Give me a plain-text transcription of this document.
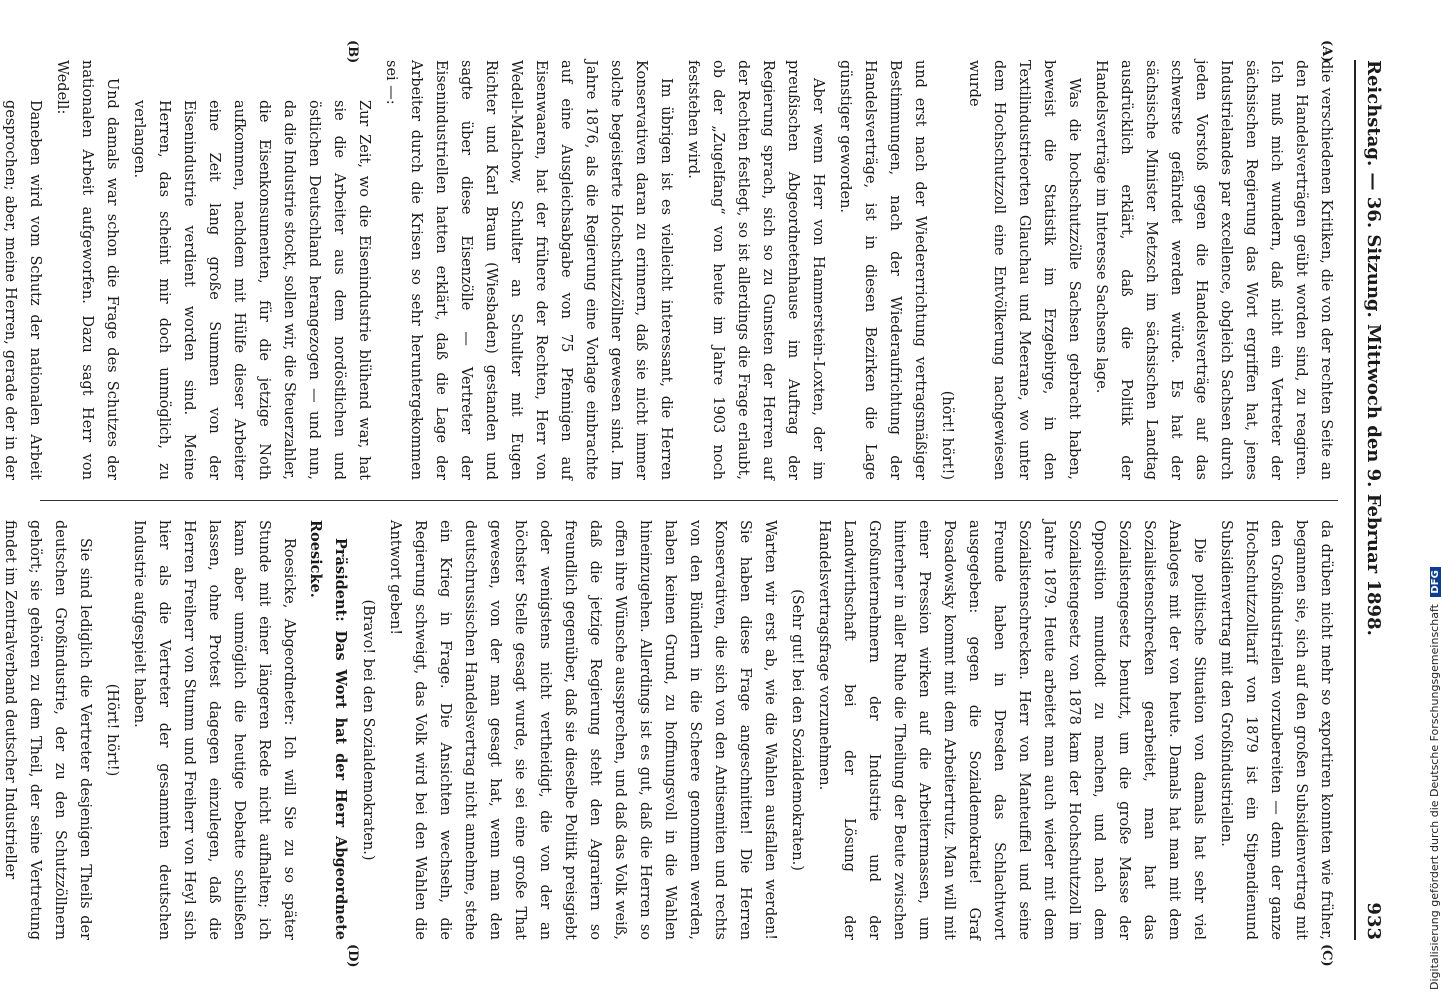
Reichstag. — 36. Sitzung. Mittwoch den 9. Februar 1898.
933
(A)
(B)
(C)
(D)

die verschiedenen Kritiken, die von der rechten Seite an den Handelsverträgen geübt worden sind, zu reagiren. Ich muß mich wundern, daß nicht ein Vertreter der sächsischen Regierung das Wort ergriffen hat, jenes Industrielandes par excellence, obgleich Sachsen durch jeden Vorstoß gegen die Handelsverträge auf das schwerste gefährdet werden würde. Es hat der sächsische Minister Metzsch im sächsischen Landtag ausdrücklich erklärt, daß die Politik der Handelsverträge im Interesse Sachsens lage.

Was die hochschutzzölle Sachsen gebracht haben, beweist die Statistik im Erzgebirge, in den Textilindustrieorten Glauchau und Meerane, wo unter dem Hochschutzzoll eine Entvölkerung nachgewiesen wurde

(hört! hört!)

und erst nach der Wiedererrichtung vertragsmäßiger Bestimmungen, nach der Wiederaufrichtung der Handelsverträge, ist in diesen Bezirken die Lage günstiger geworden.

Aber wenn Herr von Hammerstein-Loxten, der im preußischen Abgeordnetenhause im Auftrag der Regierung sprach, sich so zu Gunsten der Herren auf der Rechten festlegt, so ist allerdings die Frage erlaubt, ob der „Zugelfang“ von heute im Jahre 1903 noch feststehen wird.

Im übrigen ist es vielleicht interessant, die Herren Konservativen daran zu erinnern, daß sie nicht immer solche begeisterte Hochschutzzöllner gewesen sind. Im Jahre 1876, als die Regierung eine Vorlage einbrachte auf eine Ausgleichsabgabe von 75 Pfennigen auf Eisenwaaren, hat der frühere der Rechten, Herr von Wedell-Malchow, Schulter an Schulter mit Eugen Richter und Karl Braun (Wiesbaden) gestanden und sagte über diese Eisenzölle — Vertreter der Eisenindustriellen hatten erklärt, daß die Lage der Arbeiter durch die Krisen so sehr heruntergekommen sei —:

Zur Zeit, wo die Eisenindustrie blühend war, hat sie die Arbeiter aus dem nordöstlichen und östlichen Deutschland herangezogen — und nun, da die Industrie stockt, sollen wir, die Steuerzahler, die Eisenkonsumenten, für die jetzige Noth aufkommen, nachdem mit Hülfe dieser Arbeiter eine Zeit lang große Summen von der Eisenindustrie verdient worden sind. Meine Herren, das scheint mir doch unmöglich, zu verlangen.

Und damals war schon die Frage des Schutzes der nationalen Arbeit aufgeworfen. Dazu sagt Herr von Wedell:

Daneben wird vom Schutz der nationalen Arbeit gesprochen; aber, meine Herren, gerade der in der

da drüben nicht mehr so exportiren konnten wie früher, begannen sie, sich auf den großen Subsidienvertrag mit den Großindustriellen vorzubereiten — denn der ganze Hochschutzzolltarif von 1879 ist ein Stipendienund Subsidienvertrag mit den Großindustriellen.

Die politische Situation von damals hat sehr viel Analoges mit der von heute. Damals hat man mit dem Sozialistenschrecken gearbeitet, man hat das Sozialistengesetz benutzt, um die große Masse der Opposition mundtodt zu machen, und nach dem Sozialistengesetz von 1878 kam der Hochschutzzoll im Jahre 1879. Heute arbeitet man auch wieder mit dem Sozialistenschrecken. Herr von Manteuffel und seine Freunde haben in Dresden das Schlachtwort ausgegeben: gegen die Sozialdemokratie! Graf Posadowsky kommt mit dem Arbeitertrutz. Man will mit einer Pression wirken auf die Arbeitermassen, um hinterher in aller Ruhe die Theilung der Beute zwischen Großunternehmern der Industrie und der Landwirthschaft bei der Lösung der Handelsvertragsfrage vorzunehmen.

(Sehr gut! bei den Sozialdemokraten.)

Warten wir erst ab, wie die Wahlen ausfallen werden! Sie haben diese Frage angeschnitten! Die Herren Konservativen, die sich von den Antisemiten und rechts von den Bündlern in die Scheere genommen werden, haben keinen Grund, zu hoffnungsvoll in die Wahlen hineinzugehen. Allerdings ist es gut, daß die Herren so offen ihre Wünsche aussprechen, und daß das Volk weiß, daß die jetzige Regierung steht den Agrariern so freundlich gegenüber, daß sie dieselbe Politik preisgiebt oder wenigstens nicht vertheidigt, die von der an höchster Stelle gesagt wurde, sie sei eine große That gewesen, von der man gesagt hat, wenn man den deutschrussischen Handelsvertrag nicht annehme, stehe ein Krieg in Frage. Die Ansichten wechseln, die Regierung schweigt, das Volk wird bei den Wahlen die Antwort geben!

(Bravo! bei den Sozialdemokraten.)

Präsident: Das Wort hat der Herr Abgeordnete Roesicke.

Roesicke, Abgeordneter: Ich will Sie zu so später Stunde mit einer längeren Rede nicht aufhalten; ich kann aber unmöglich die heutige Debatte schließen lassen, ohne Protest dagegen einzulegen, daß die Herren Freiherr von Stumm und Freiherr von Heyl sich hier als die Vertreter der gesammten deutschen Industrie aufgespielt haben.

(Hört! hört!)

Sie sind lediglich die Vertreter desjenigen Theils der deutschen Großindustrie, der zu den Schutzzöllnern gehört; sie gehören zu dem Theil, der seine Vertretung findet im Zentralverband deutscher Industrieller	Digitalisierung gefördert durch die Deutsche Forschungsgemeinschaft DFG
